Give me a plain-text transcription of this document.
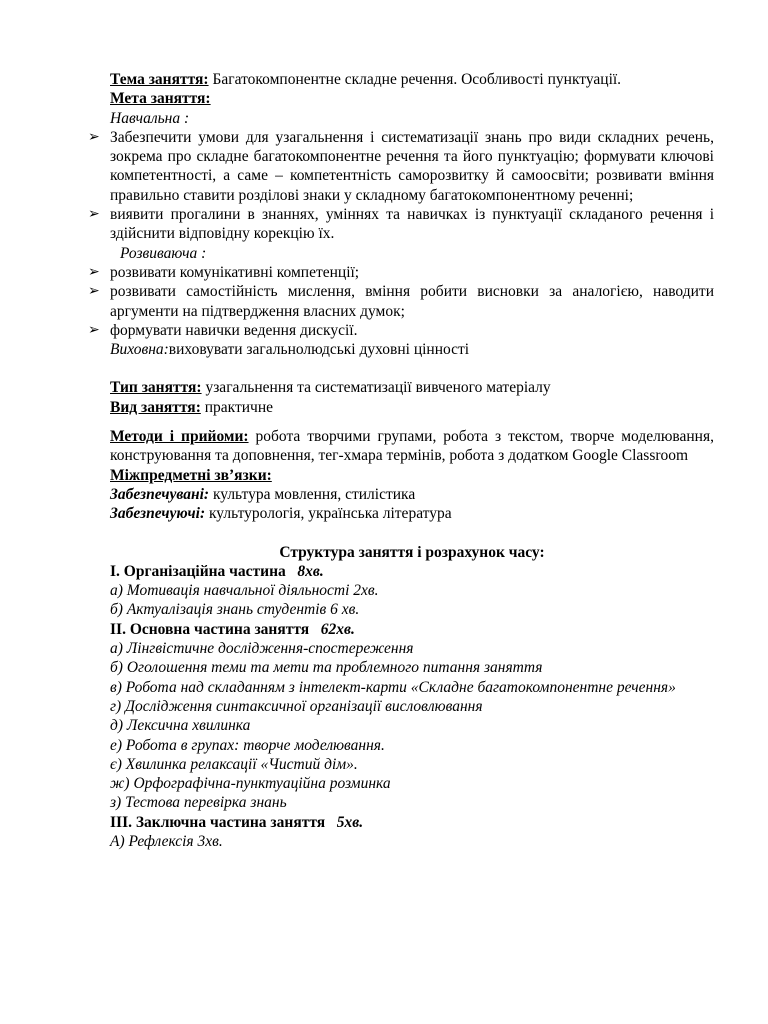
Тема заняття: Багатокомпонентне складне речення. Особливості пунктуації.

Мета заняття:

Навчальна :

➢ Забезпечити умови для узагальнення і систематизації знань про види складних речень, зокрема про складне багатокомпонентне речення та його пунктуацію; формувати ключові компетентності, а саме – компетентність саморозвитку й самоосвіти; розвивати вміння правильно ставити розділові знаки у складному багатокомпонентному реченні;
➢ виявити прогалини в знаннях, уміннях та навичках із пунктуації складаного речення і здійснити відповідну корекцію їх.

Розвиваюча :

➢ розвивати комунікативні компетенції;
➢ розвивати самостійність мислення, вміння робити висновки за аналогією, наводити аргументи на підтвердження власних думок;
➢ формувати навички ведення дискусії.

Виховна:виховувати загальнолюдські духовні цінності

Тип заняття: узагальнення та систематизації вивченого матеріалу

Вид заняття: практичне

Методи і прийоми: робота творчими групами, робота з текстом, творче моделювання, конструювання та доповнення, тег-хмара термінів, робота з додатком Google Classroom

Міжпредметні зв’язки:

Забезпечувані: культура мовлення, стилістика

Забезпечуючі: культурологія, українська література

Структура заняття і розрахунок часу:

І. Організаційна частина   8хв.

а) Мотивація навчальної діяльності 2хв.

б) Актуалізація знань студентів 6 хв.

ІІ. Основна частина заняття   62хв.

а) Лінгвістичне дослідження-спостереження

б) Оголошення теми та мети та проблемного питання заняття

в) Робота над складанням з інтелект-карти «Складне багатокомпонентне речення»

г) Дослідження синтаксичної організації висловлювання

д) Лексична хвилинка

е) Робота в групах: творче моделювання.

є) Хвилинка релаксації «Чистий дім».

ж) Орфографічна-пунктуаційна розминка

з) Тестова перевірка знань

ІІІ. Заключна частина заняття   5хв.

А) Рефлексія 3хв.
